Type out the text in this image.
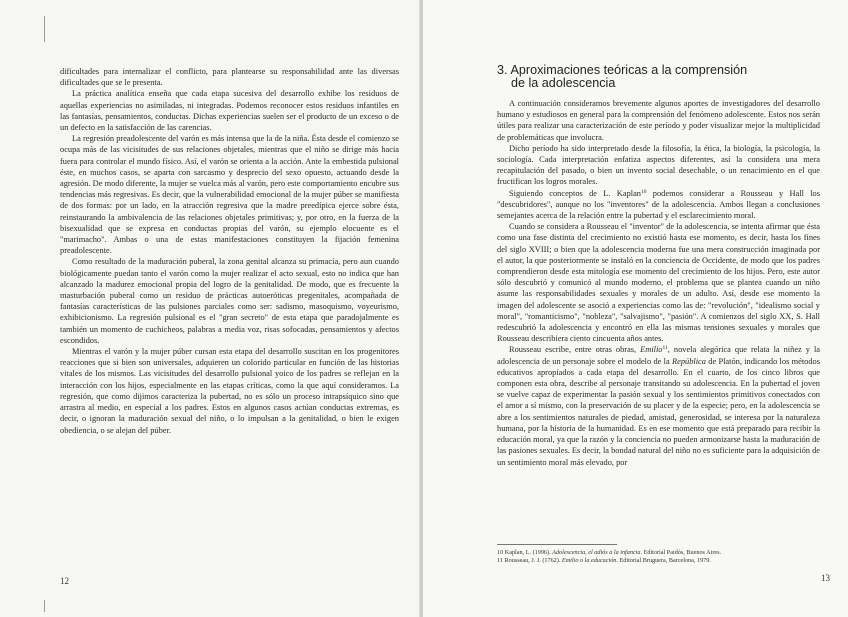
dificultades para internalizar el conflicto, para plantearse su responsabilidad ante las diversas dificultades que se le presenta.

La práctica analítica enseña que cada etapa sucesiva del desarrollo exhibe los residuos de aquellas experiencias no asimiladas, ni integradas. Podemos reconocer estos residuos infantiles en las fantasías, pensamientos, conductas. Dichas experiencias suelen ser el producto de un exceso o de un defecto en la satisfacción de las carencias.

La regresión preadolescente del varón es más intensa que la de la niña. Ésta desde el comienzo se ocupa más de las vicisitudes de sus relaciones objetales, mientras que el niño se dirige más hacia fuera para controlar el mundo físico. Así, el varón se orienta a la acción. Ante la embestida pulsional éste, en muchos casos, se aparta con sarcasmo y desprecio del sexo opuesto, actuando desde la agresión. De modo diferente, la mujer se vuelca más al varón, pero este comportamiento encubre sus tendencias más regresivas. Es decir, que la vulnerabilidad emocional de la mujer púber se manifiesta de dos formas: por un lado, en la atracción regresiva que la madre preedípica ejerce sobre ésta, reinstaurando la ambivalencia de las relaciones objetales primitivas; y, por otro, en la fuerza de la bisexualidad que se expresa en conductas propias del varón, su ejemplo elocuente es el "marimacho". Ambas o una de estas manifestaciones constituyen la fijación femenina preadolescente.

Como resultado de la maduración puberal, la zona genital alcanza su primacía, pero aun cuando biológicamente puedan tanto el varón como la mujer realizar el acto sexual, esto no indica que han alcanzado la madurez emocional propia del logro de la genitalidad. De modo, que es frecuente la masturbación puberal como un residuo de prácticas autoeróticas pregenitales, acompañada de fantasías características de las pulsiones parciales como ser: sadismo, masoquismo, voyeurismo, exhibicionismo. La regresión pulsional es el "gran secreto" de esta etapa que paradojalmente es también un momento de cuchicheos, palabras a media voz, risas sofocadas, pensamientos y afectos escondidos.

Mientras el varón y la mujer púber cursan esta etapa del desarrollo suscitan en los progenitores reacciones que si bien son universales, adquieren un colorido particular en función de las historias vitales de los mismos. Las vicisitudes del desarrollo pulsional yoico de los padres se reflejan en la interacción con los hijos, especialmente en las etapas críticas, como la que aquí consideramos. La regresión, que como dijimos caracteriza la pubertad, no es sólo un proceso intrapsíquico sino que arrastra al medio, en especial a los padres. Estos en algunos casos actúan conductas extremas, es decir, o ignoran la maduración sexual del niño, o lo impulsan a la genitalidad, o bien le exigen obediencia, o se alejan del púber.

12
3. Aproximaciones teóricas a la comprensión
de la adolescencia

A continuación consideramos brevemente algunos aportes de investigadores del desarrollo humano y estudiosos en general para la comprensión del fenómeno adolescente. Estos nos serán útiles para realizar una caracterización de este período y poder visualizar mejor la multiplicidad de problemáticas que involucra.

Dicho período ha sido interpretado desde la filosofía, la ética, la biología, la psicología, la sociología. Cada interpretación enfatiza aspectos diferentes, así la considera una mera recapitulación del pasado, o bien un invento social desechable, o un renacimiento en el que fructifican los logros morales.

Siguiendo conceptos de L. Kaplan$^{10}$ podemos considerar a Rousseau y Hall los "descubridores", aunque no los "inventores" de la adolescencia. Ambos llegan a conclusiones semejantes acerca de la relación entre la pubertad y el esclarecimiento moral.

Cuando se considera a Rousseau el "inventor" de la adolescencia, se intenta afirmar que ésta como una fase distinta del crecimiento no existió hasta ese momento, es decir, hasta los fines del siglo XVIII; o bien que la adolescencia moderna fue una mera construcción imaginada por el autor, la que posteriormente se instaló en la conciencia de Occidente, de modo que los padres comprendieron desde esta mitología ese momento del crecimiento de los hijos. Pero, este autor sólo descubrió y comunicó al mundo moderno, el problema que se plantea cuando un niño asume las responsabilidades sexuales y morales de un adulto. Así, desde ese momento la imagen del adolescente se asoció a experiencias como las de: "revolución", "idealismo social y moral", "romanticismo", "nobleza", "salvajismo", "pasión". A comienzos del siglo XX, S. Hall redescubrió la adolescencia y encontró en ella las mismas tensiones sexuales y morales que Rousseau describiera ciento cincuenta años antes.

Rousseau escribe, entre otras obras, Emilio$^{11}$, novela alegórica que relata la niñez y la adolescencia de un personaje sobre el modelo de la República de Platón, indicando los métodos educativos apropiados a cada etapa del desarrollo. En el cuarto, de los cinco libros que componen esta obra, describe al personaje transitando su adolescencia. En la pubertad el joven se vuelve capaz de experimentar la pasión sexual y los sentimientos primitivos conectados con el amor a sí mismo, con la preservación de su placer y de la especie; pero, en la adolescencia se abre a los sentimientos naturales de piedad, amistad, generosidad, se interesa por la naturaleza humana, por la historia de la humanidad. Es en ese momento que está preparado para recibir la educación moral, ya que la razón y la conciencia no pueden armonizarse hasta la maduración de las pasiones sexuales. Es decir, la bondad natural del niño no es suficiente para la adquisición de un sentimiento moral más elevado, por

10 Kaplan, L. (1996). Adolescencia, el adiós a la infancia. Editorial Paidós, Buenos Aires.
11 Rousseau, J. J. (1762). Emilio o la educación. Editorial Bruguera, Barcelona, 1979.
13
